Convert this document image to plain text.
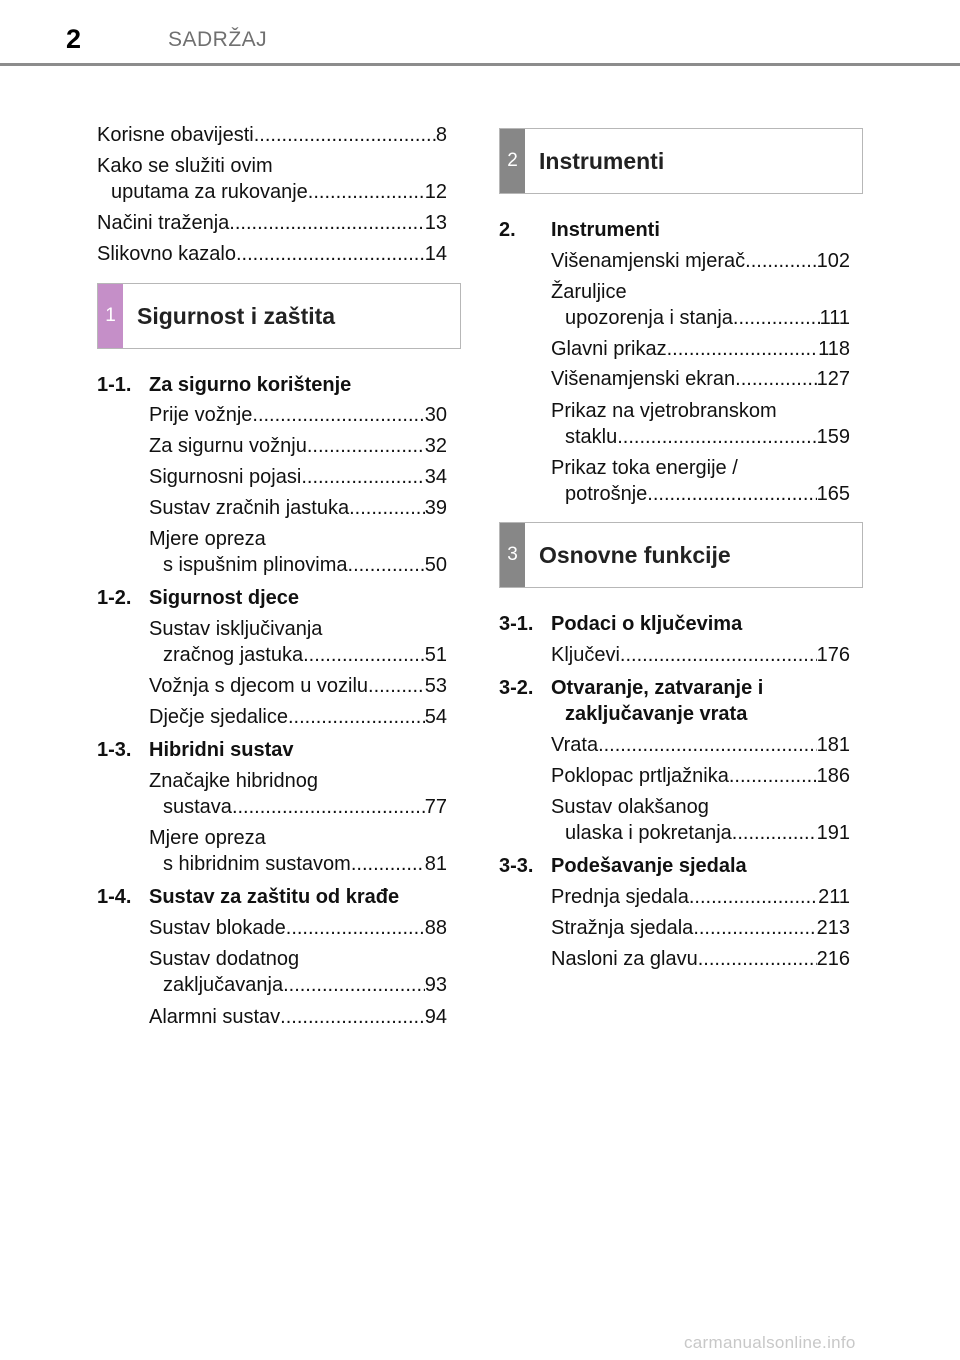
2	SADRŽAJ
Korisne obavijesti .....	8
Kako se služiti ovim
uputama za rukovanje .....	12
Načini traženja .....	13
Slikovno kazalo .....	14
1-1. Za sigurno korištenje
Prije vožnje .....	30
Za sigurnu vožnju .....	32
Sigurnosni pojasi .....	34
Sustav zračnih jastuka .....	39
Mjere opreza
s ispušnim plinovima .....	50
1-2. Sigurnost djece
Sustav isključivanja
zračnog jastuka .....	51
Vožnja s djecom u vozilu .....	53
Dječje sjedalice .....	54
1-3. Hibridni sustav
Značajke hibridnog
sustava .....	77
Mjere opreza
s hibridnim sustavom .....	81
1-4. Sustav za zaštitu od krađe
Sustav blokade .....	88
Sustav dodatnog
zaključavanja .....	93
Alarmni sustav .....	94
2.	Instrumenti
Višenamjenski mjerač .....	102
Žaruljice
upozorenja i stanja .....	111
Glavni prikaz .....	118
Višenamjenski ekran .....	127
Prikaz na vjetrobranskom
staklu .....	159
Prikaz toka energije /
potrošnje .....	165
3-1. Podaci o ključevima
Ključevi .....	176
3-2. Otvaranje, zatvaranje i
zaključavanje vrata
Vrata .....	181
Poklopac prtljažnika .....	186
Sustav olakšanog
ulaska i pokretanja .....	191
3-3. Podešavanje sjedala
Prednja sjedala .....	211
Stražnja sjedala .....	213
Nasloni za glavu .....	216
1 Sigurnost i zaštita
2 Instrumenti
3 Osnovne funkcije
carmanualsonline.info
